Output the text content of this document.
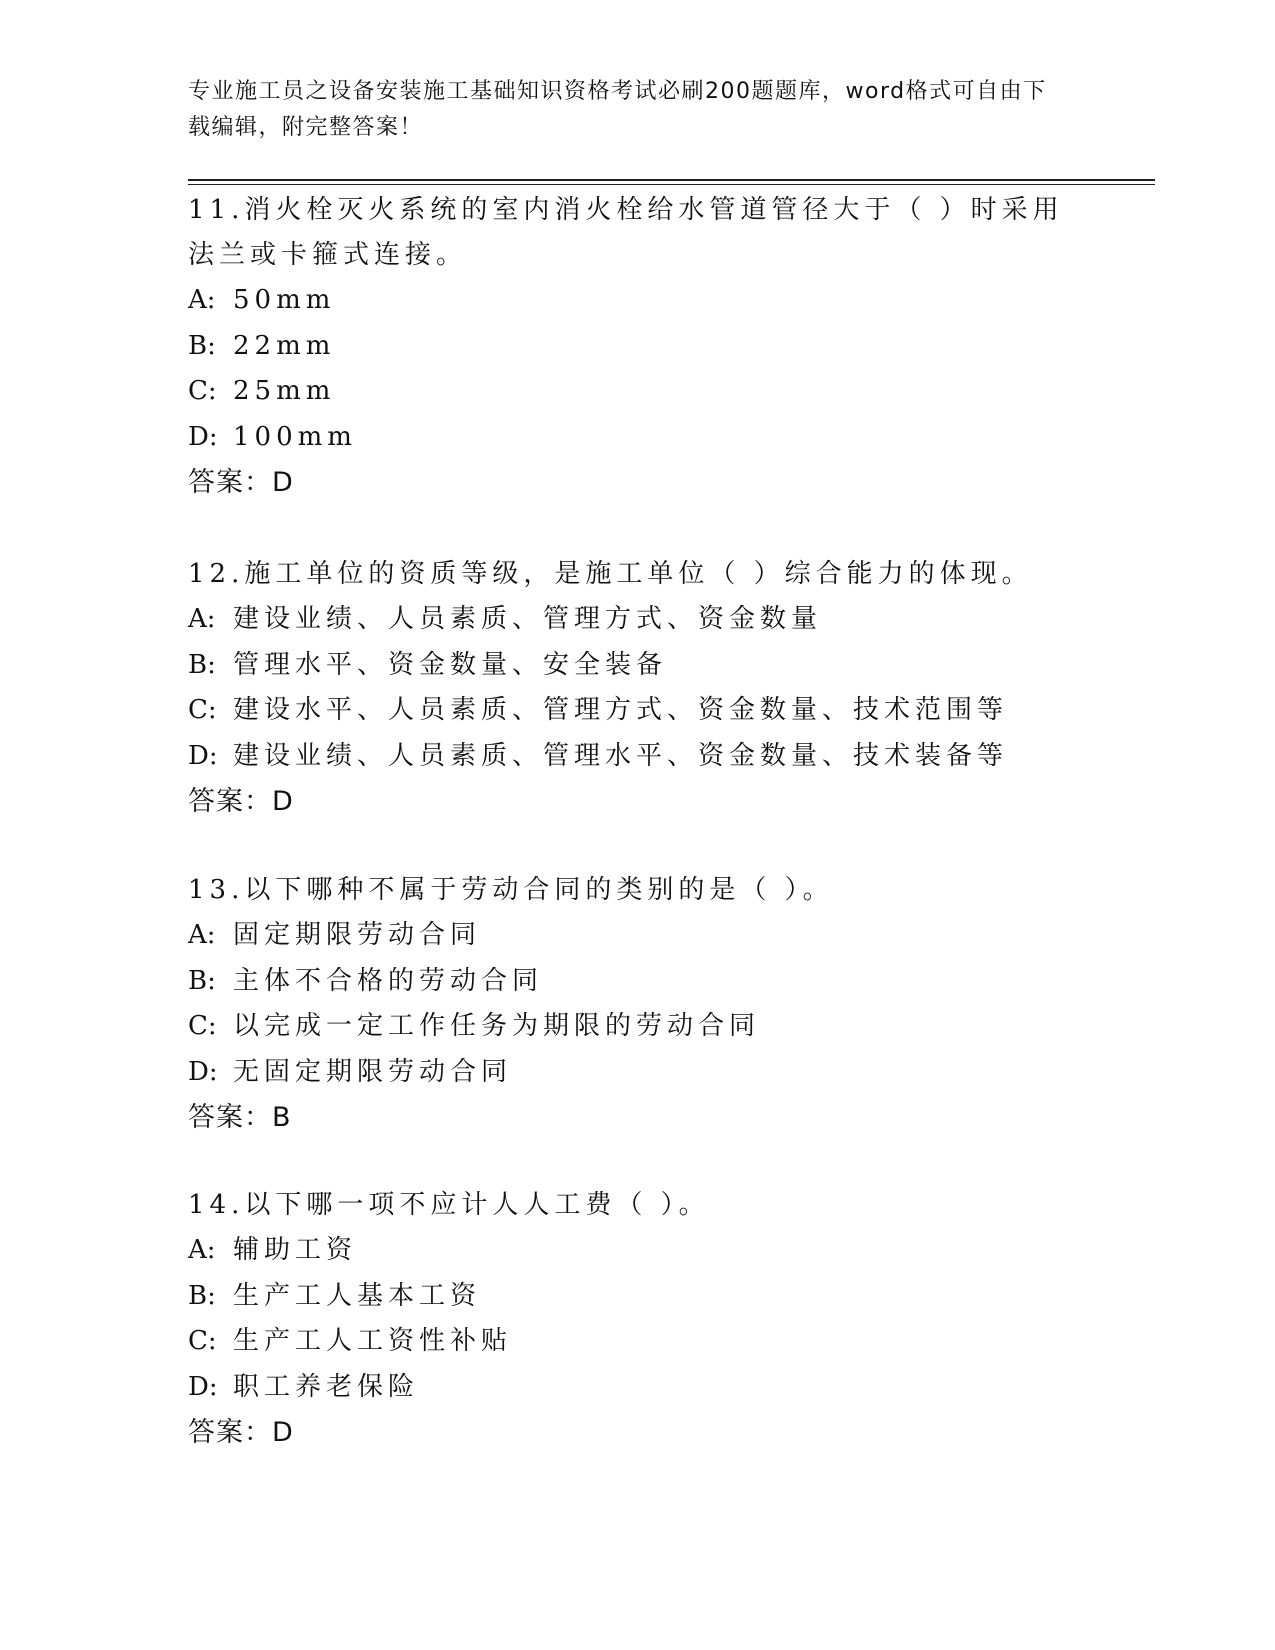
专业施工员之设备安装施工基础知识资格考试必刷200题题库，word格式可自由下载编辑，附完整答案！
11.消火栓灭火系统的室内消火栓给水管道管径大于（ ）时采用法兰或卡箍式连接。
A: 50mm
B: 22mm
C: 25mm
D: 100mm
答案：D
12.施工单位的资质等级，是施工单位（ ）综合能力的体现。
A: 建设业绩、人员素质、管理方式、资金数量
B: 管理水平、资金数量、安全装备
C: 建设水平、人员素质、管理方式、资金数量、技术范围等
D: 建设业绩、人员素质、管理水平、资金数量、技术装备等
答案：D
13.以下哪种不属于劳动合同的类别的是（ ）。
A: 固定期限劳动合同
B: 主体不合格的劳动合同
C: 以完成一定工作任务为期限的劳动合同
D: 无固定期限劳动合同
答案：B
14.以下哪一项不应计人人工费（ ）。
A: 辅助工资
B: 生产工人基本工资
C: 生产工人工资性补贴
D: 职工养老保险
答案：D
